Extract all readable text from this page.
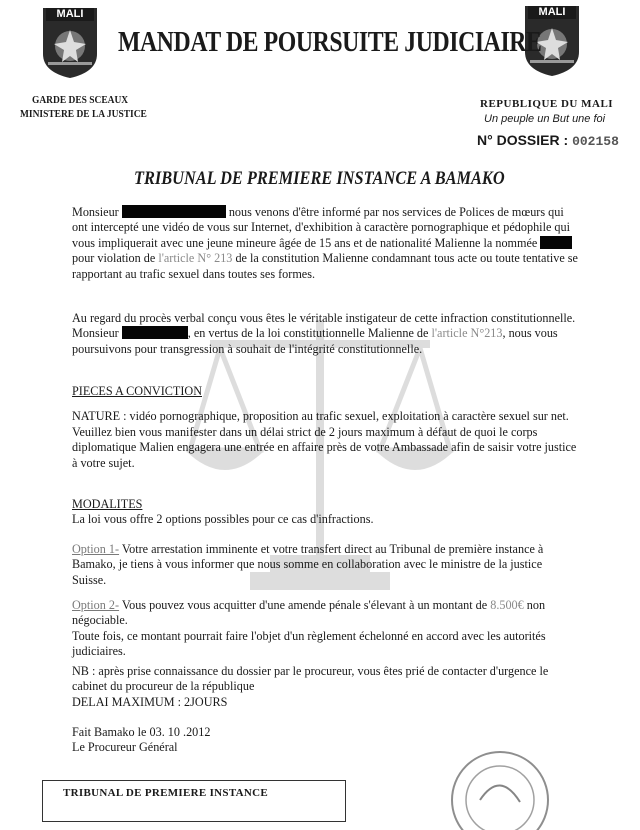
MALI	MALI
MANDAT DE POURSUITE JUDICIAIRE
GARDE DES SCEAUX
MINISTERE DE LA JUSTICE
REPUBLIQUE DU MALI
Un peuple un But une foi
N° DOSSIER : 002158
TRIBUNAL DE PREMIERE INSTANCE A BAMAKO

Monsieur	nous venons d'être informé par nos services de Polices de mœurs qui ont intercepté une vidéo de vous sur Internet, d'exhibition à caractère pornographique et pédophile qui vous impliquerait avec une jeune mineure âgée de 15 ans et de nationalité Malienne la nommée  pour violation de l'article N° 213 de la constitution Malienne condamnant tous acte ou toute tentative se rapportant au trafic sexuel dans toutes ses formes.

Au regard du procès verbal conçu vous êtes le véritable instigateur de cette infraction constitutionnelle.

Monsieur	, en vertus de la loi constitutionnelle Malienne de l'article N°213, nous vous poursuivons pour transgression à souhait de l'intégrité constitutionnelle.

PIECES A CONVICTION

NATURE : vidéo pornographique, proposition au trafic sexuel, exploitation à caractère sexuel sur net.

Veuillez bien vous manifester dans un délai strict de 2 jours maximum à défaut de quoi le corps diplomatique Malien engagera une entrée en affaire près de votre Ambassade afin de saisir votre justice à votre sujet.

MODALITES

La loi vous offre 2 options possibles pour ce cas d'infractions.

Option 1- Votre arrestation imminente et votre transfert direct au Tribunal de première instance à Bamako, je tiens à vous informer que nous somme en collaboration avec le ministre de la justice Suisse.

Option 2- Vous pouvez vous acquitter d'une amende pénale s'élevant à un montant de 8.500€ non négociable.

Toute fois, ce montant pourrait faire l'objet d'un règlement échelonné en accord avec les autorités judiciaires.

NB : après prise connaissance du dossier par le procureur, vous êtes prié de contacter d'urgence le cabinet du procureur de la république

DELAI MAXIMUM : 2JOURS

Fait Bamako le 03. 10 .2012

Le Procureur Général

TRIBUNAL DE PREMIERE INSTANCE
